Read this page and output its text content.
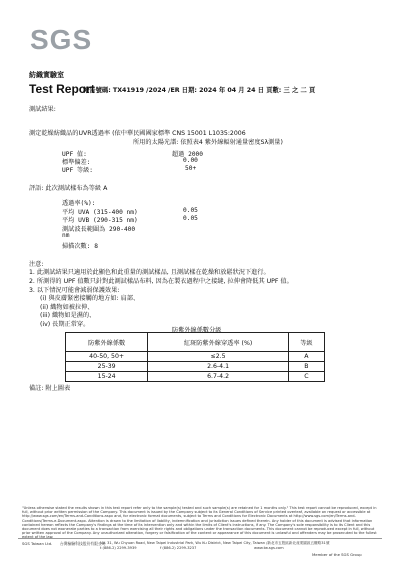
SGS
紡織實驗室
Test Report
報告號碼: TX41919 /2024 /ER 日期: 2024 年 04 月 24 日 頁數: 三 之 二 頁
測試結果:
測定乾燥紡織品的UVR透過率 (依中華民國國家標準 CNS 15001 L1035:2006
所用的太陽光譜: 依照表4 紫外線輻射通量密度Sλ測量)
UPF 值:	超過 2000
標準偏差:	0.00
UPF 等級:	50+
評語: 此次測試樣布為等級 A
透過率(%):
平均 UVA (315-400 nm)	0.05
平均 UVB (290-315 nm)	0.05
測試波長範圍為 290-400
nm
掃描次數: 8
注意:
1. 此測試結果只適用於此顯色和此重量的測試樣品, 且測試樣在乾燥和放鬆狀況下進行。
2. 所測得的 UPF 值數只針對此測試樣品布料, 因為在製衣過程中之接縫, 拉伸會降低其 UPF 值。
3. 以下情況可能會減弱保護效果:
(i) 與皮膚緊密接觸的地方如: 肩部、
(ii) 織物如被拉伸、
(iii) 織物如是濕的、
(iv) 長期正常穿。
防紫外線係數分級
防紫外線係數	紅斑防紫外線穿透率 (%)	等級
40-50, 50+	≤2.5	A
25-39	2.6-4.1	B
15-24	6.7-4.2	C
備註: 附上圖表
"Unless otherwise stated the results shown in this test report refer only to the sample(s) tested and such sample(s) are retained for 1 months only." This test report cannot be reproduced, except in full, without prior written permission of the Company. This document is issued by the Company subject to its General Conditions of Service printed overleaf, available on request or accessible at http://www.sgs.com/en/Terms-and-Conditions.aspx and, for electronic format documents, subject to Terms and Conditions for Electronic Documents at http://www.sgs.com/en/Terms-and-Conditions/Terms-e-Document.aspx. Attention is drawn to the limitation of liability, indemnification and jurisdiction issues defined therein. Any holder of this document is advised that information contained hereon reflects the Company's findings at the time of its intervention only and within the limits of Client's instructions, if any. The Company's sole responsibility is to its Client and this document does not exonerate parties to a transaction from exercising all their rights and obligations under the transaction documents. This document cannot be reproduced except in full, without prior written approval of the Company. Any unauthorized alteration, forgery or falsification of the content or appearance of this document is unlawful and offenders may be prosecuted to the fullest
SGS Taiwan Ltd. 台灣檢驗科技股份有限公司
No. 31, Wu Chyuan Road, New Taipei Industrial Park, Wu Ku District, New Taipei City, Taiwan /新北市五股區新北產業園區五權路31號
t (886-2) 2299-3939	f (886-2) 2299-3237	www.tw.sgs.com
Member of the SGS Group
